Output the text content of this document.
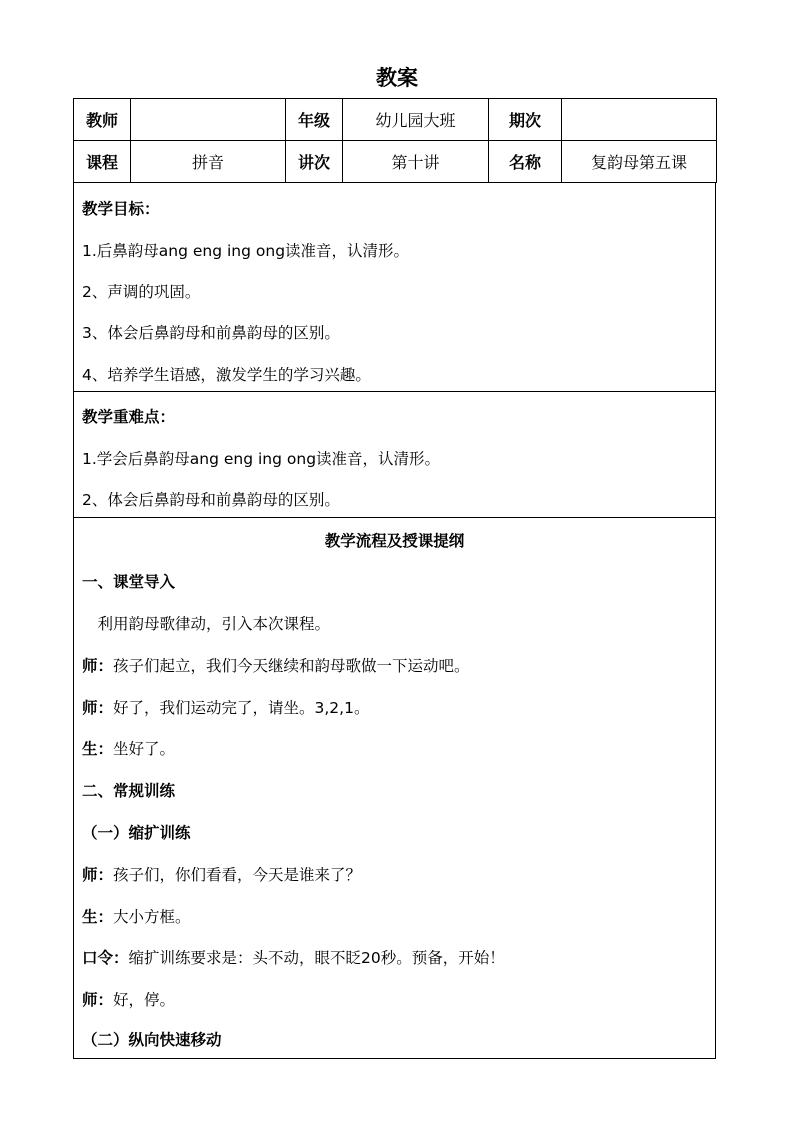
教案
教师		年级	幼儿园大班	期次	
课程	拼音	讲次	第十讲	名称	复韵母第五课
教学目标：
1.后鼻韵母ang eng ing ong读准音，认清形。
2、声调的巩固。
3、体会后鼻韵母和前鼻韵母的区别。
4、培养学生语感，激发学生的学习兴趣。
教学重难点：
1.学会后鼻韵母ang eng ing ong读准音，认清形。
2、体会后鼻韵母和前鼻韵母的区别。
教学流程及授课提纲
一、课堂导入
　利用韵母歌律动，引入本次课程。
师：孩子们起立，我们今天继续和韵母歌做一下运动吧。
师：好了，我们运动完了，请坐。3,2,1。
生：坐好了。
二、常规训练
（一）缩扩训练
师：孩子们，你们看看，今天是谁来了？
生：大小方框。
口令：缩扩训练要求是：头不动，眼不眨20秒。预备，开始！
师：好，停。
（二）纵向快速移动
